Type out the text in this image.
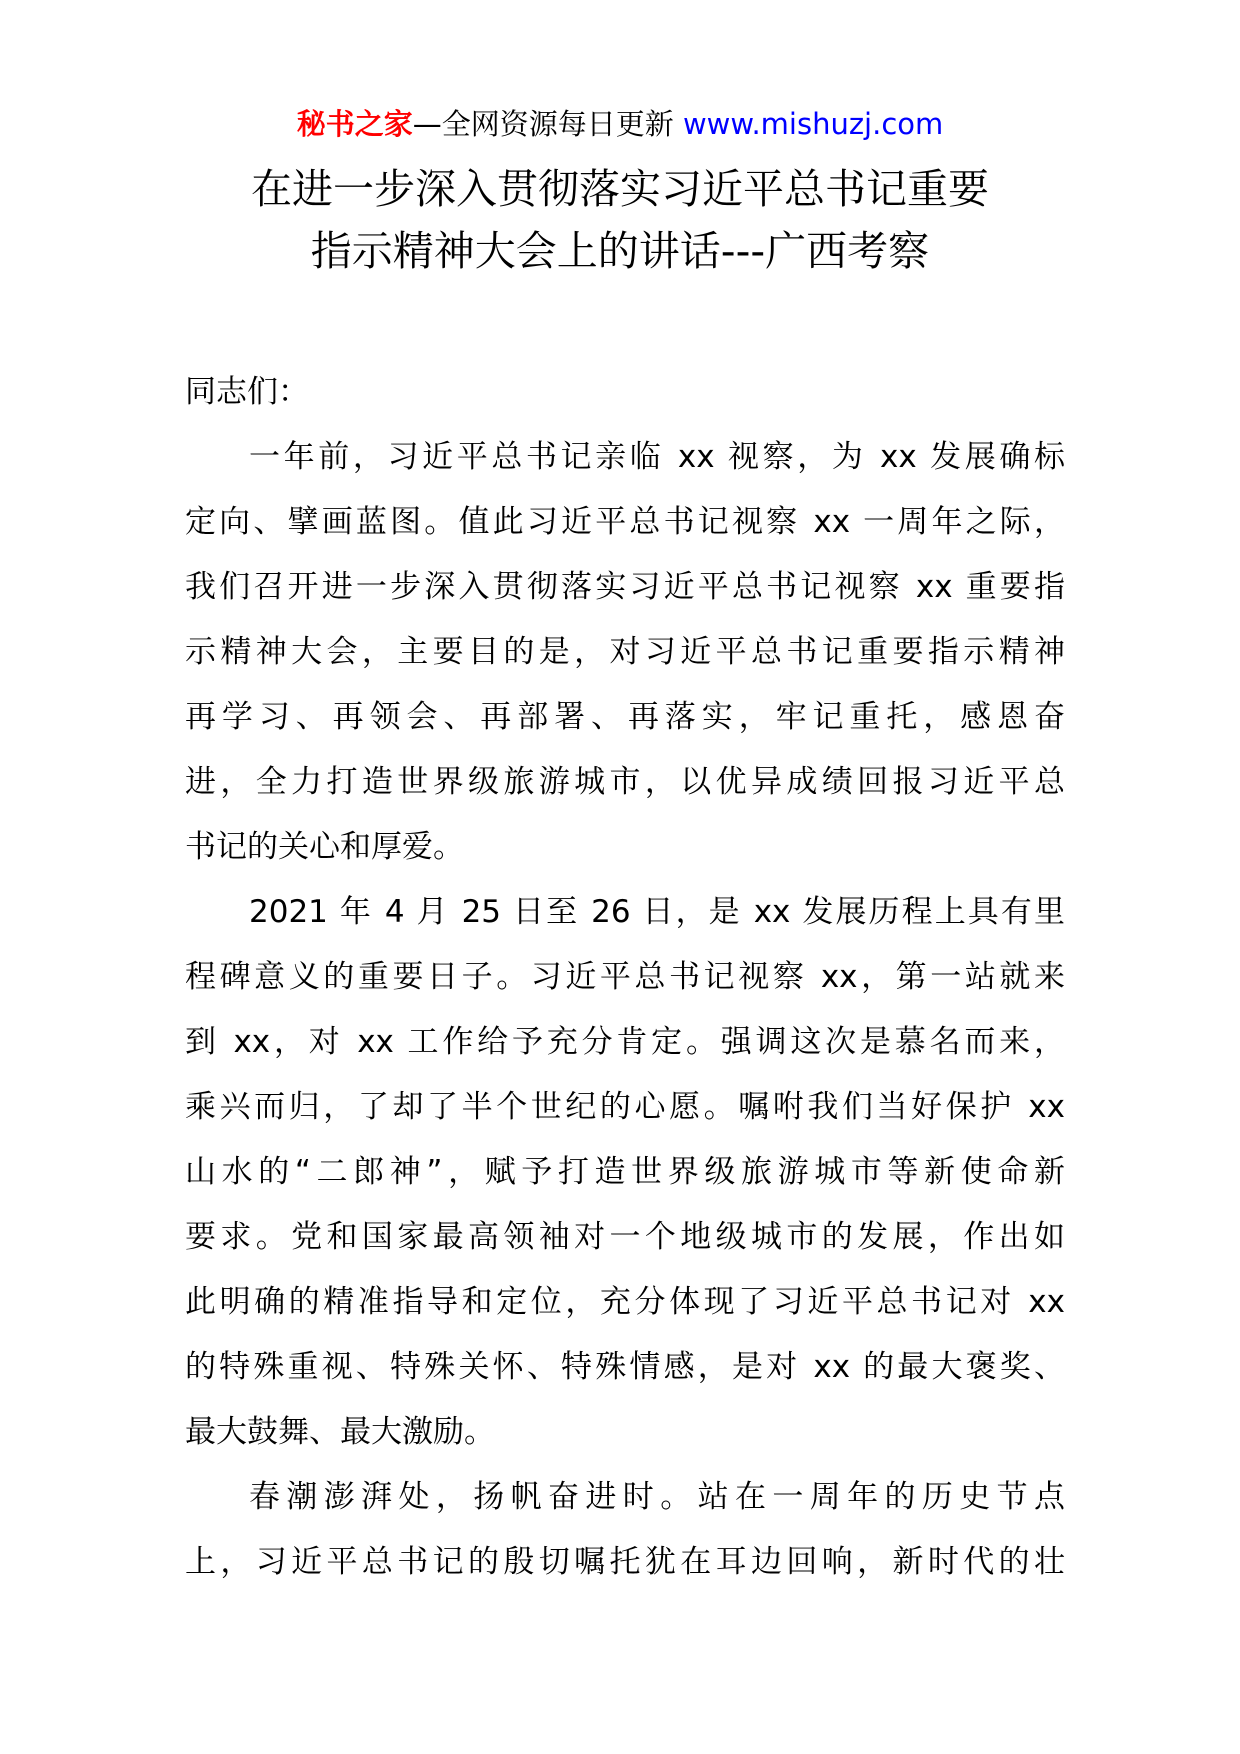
秘书之家—全网资源每日更新 www.mishuzj.com
在进一步深入贯彻落实习近平总书记重要
指示精神大会上的讲话---广西考察
同志们：
一年前，习近平总书记亲临 xx 视察，为 xx 发展确标
定向、擘画蓝图。值此习近平总书记视察 xx 一周年之际，
我们召开进一步深入贯彻落实习近平总书记视察 xx 重要指
示精神大会，主要目的是，对习近平总书记重要指示精神
再学习、再领会、再部署、再落实，牢记重托，感恩奋
进，全力打造世界级旅游城市，以优异成绩回报习近平总
书记的关心和厚爱。
2021 年 4 月 25 日至 26 日，是 xx 发展历程上具有里
程碑意义的重要日子。习近平总书记视察 xx，第一站就来
到 xx，对 xx 工作给予充分肯定。强调这次是慕名而来，
乘兴而归，了却了半个世纪的心愿。嘱咐我们当好保护 xx
山水的“二郎神”，赋予打造世界级旅游城市等新使命新
要求。党和国家最高领袖对一个地级城市的发展，作出如
此明确的精准指导和定位，充分体现了习近平总书记对 xx
的特殊重视、特殊关怀、特殊情感，是对 xx 的最大褒奖、
最大鼓舞、最大激励。
春潮澎湃处，扬帆奋进时。站在一周年的历史节点
上，习近平总书记的殷切嘱托犹在耳边回响，新时代的壮
